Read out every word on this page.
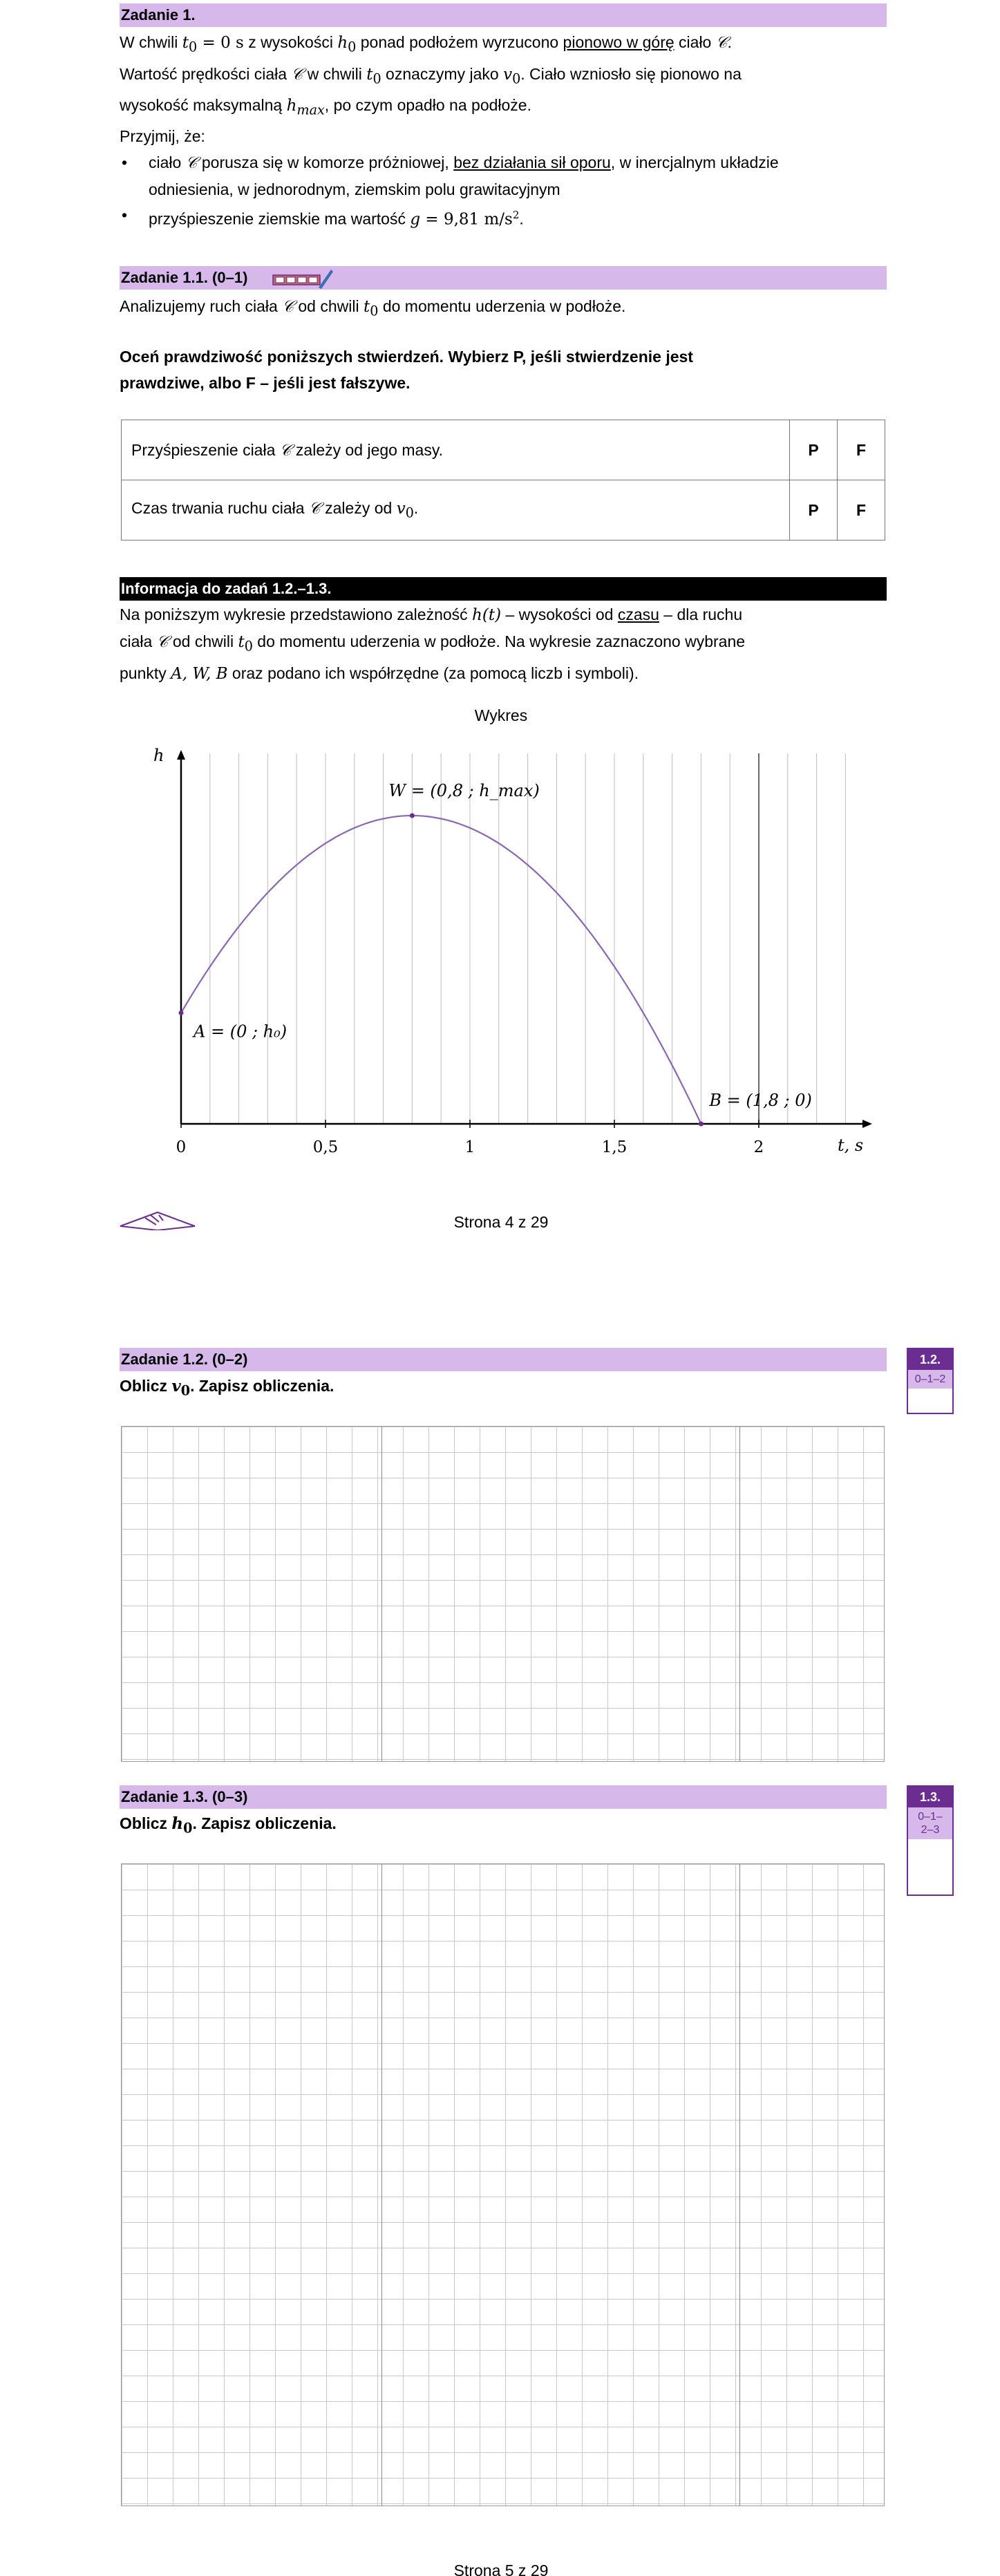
Zadanie 1.
W chwili $t_0 = 0$ s z wysokości $h_0$ ponad podłożem wyrzucono pionowo w górę ciało 𝒞.
Wartość prędkości ciała 𝒞 w chwili $t_0$ oznaczymy jako $v_0$. Ciało wzniosło się pionowo na
wysokość maksymalną $h_{max}$, po czym opadło na podłoże.
Przyjmij, że:
•	ciało 𝒞 porusza się w komorze próżniowej, bez działania sił oporu, w inercjalnym układzie
odniesienia, w jednorodnym, ziemskim polu grawitacyjnym
•	przyśpieszenie ziemskie ma wartość g = 9,81 $m/s^2$.
Zadanie 1.1. (0–1)
Analizujemy ruch ciała 𝒞 od chwili $t_0$ do momentu uderzenia w podłoże.
Oceń prawdziwość poniższych stwierdzeń. Wybierz P, jeśli stwierdzenie jest
prawdziwe, albo F – jeśli jest fałszywe.
Przyśpieszenie ciała 𝒞 zależy od jego masy.	P	F
Czas trwania ruchu ciała 𝒞 zależy od $v_0$.	P	F
Informacja do zadań 1.2.–1.3.
Na poniższym wykresie przedstawiono zależność h(t) – wysokości od czasu – dla ruchu
ciała 𝒞 od chwili $t_0$ do momentu uderzenia w podłoże. Na wykresie zaznaczono wybrane
punkty A, W, B oraz podano ich współrzędne (za pomocą liczb i symboli).
Wykres
h
t, s
0	0,5	1	1,5	2
A = (0 ; h₀)
W = (0,8 ; h_max)
B = (1,8 ; 0)
Strona 4 z 29
Zadanie 1.2. (0–2)
Oblicz $v_0$. Zapisz obliczenia.
1.2.
0–1–2
Zadanie 1.3. (0–3)
Oblicz $h_0$. Zapisz obliczenia.
1.3.
0–1–
2–3
Strona 5 z 29
